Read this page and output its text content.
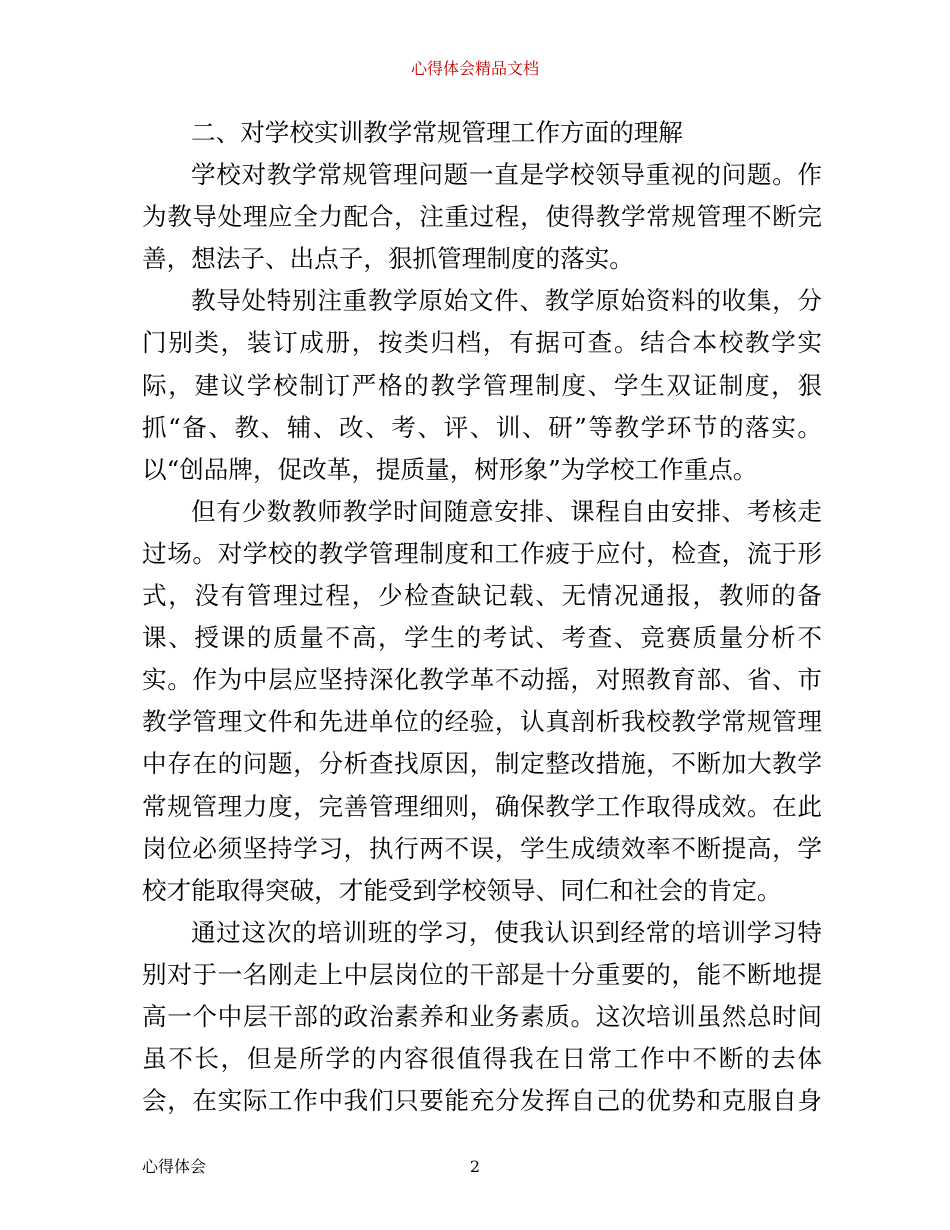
心得体会精品文档
二、对学校实训教学常规管理工作方面的理解
学校对教学常规管理问题一直是学校领导重视的问题。作
为教导处理应全力配合，注重过程，使得教学常规管理不断完
善，想法子、出点子，狠抓管理制度的落实。
教导处特别注重教学原始文件、教学原始资料的收集，分
门别类，装订成册，按类归档，有据可查。结合本校教学实
际，建议学校制订严格的教学管理制度、学生双证制度，狠
抓“备、教、辅、改、考、评、训、研”等教学环节的落实。
以“创品牌，促改革，提质量，树形象”为学校工作重点。
但有少数教师教学时间随意安排、课程自由安排、考核走
过场。对学校的教学管理制度和工作疲于应付，检查，流于形
式，没有管理过程，少检查缺记载、无情况通报，教师的备
课、授课的质量不高，学生的考试、考查、竞赛质量分析不
实。作为中层应坚持深化教学革不动摇，对照教育部、省、市
教学管理文件和先进单位的经验，认真剖析我校教学常规管理
中存在的问题，分析查找原因，制定整改措施，不断加大教学
常规管理力度，完善管理细则，确保教学工作取得成效。在此
岗位必须坚持学习，执行两不误，学生成绩效率不断提高，学
校才能取得突破，才能受到学校领导、同仁和社会的肯定。
通过这次的培训班的学习，使我认识到经常的培训学习特
别对于一名刚走上中层岗位的干部是十分重要的，能不断地提
高一个中层干部的政治素养和业务素质。这次培训虽然总时间
虽不长，但是所学的内容很值得我在日常工作中不断的去体
会，在实际工作中我们只要能充分发挥自己的优势和克服自身
心得体会	2
